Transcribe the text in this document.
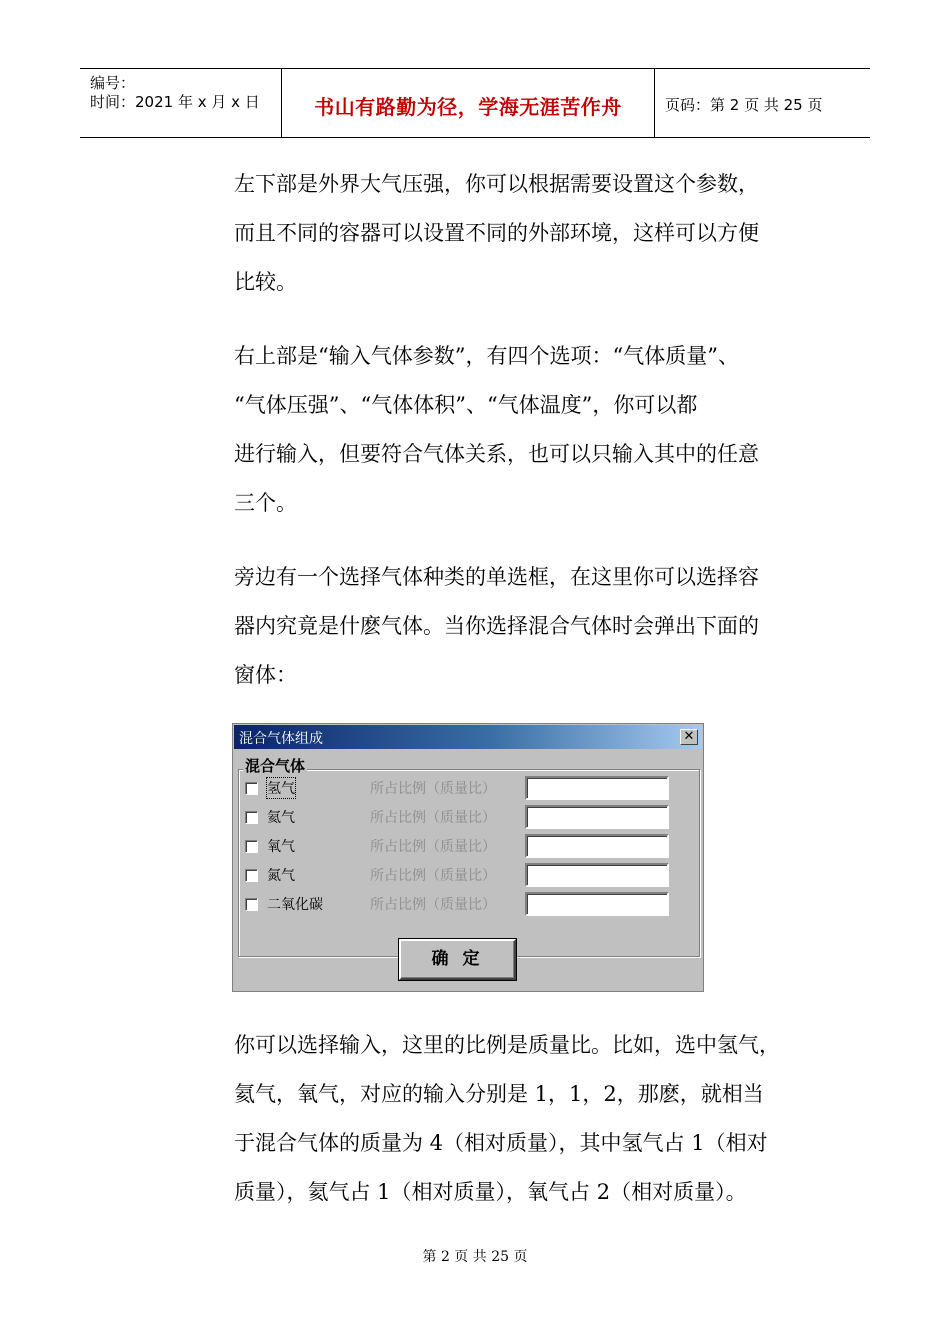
编号：
时间：2021 年 x 月 x 日	书山有路勤为径，学海无涯苦作舟	页码：第 2 页 共 25 页
左下部是外界大气压强，你可以根据需要设置这个参数，
而且不同的容器可以设置不同的外部环境，这样可以方便
比较。
右上部是“输入气体参数”，有四个选项：“气体质量”、
“气体压强”、“气体体积”、“气体温度”，你可以都
进行输入，但要符合气体关系，也可以只输入其中的任意
三个。
旁边有一个选择气体种类的单选框，在这里你可以选择容
器内究竟是什麽气体。当你选择混合气体时会弹出下面的
窗体：
混合气体组成	✕
混合气体
氢气	所占比例（质量比）
氦气	所占比例（质量比）
氧气	所占比例（质量比）
氮气	所占比例（质量比）
二氧化碳	所占比例（质量比）
确定
你可以选择输入，这里的比例是质量比。比如，选中氢气，
氦气，氧气，对应的输入分别是 1，1，2，那麽，就相当
于混合气体的质量为 4（相对质量），其中氢气占 1（相对
质量），氦气占 1（相对质量），氧气占 2（相对质量）。
第 2 页 共 25 页
